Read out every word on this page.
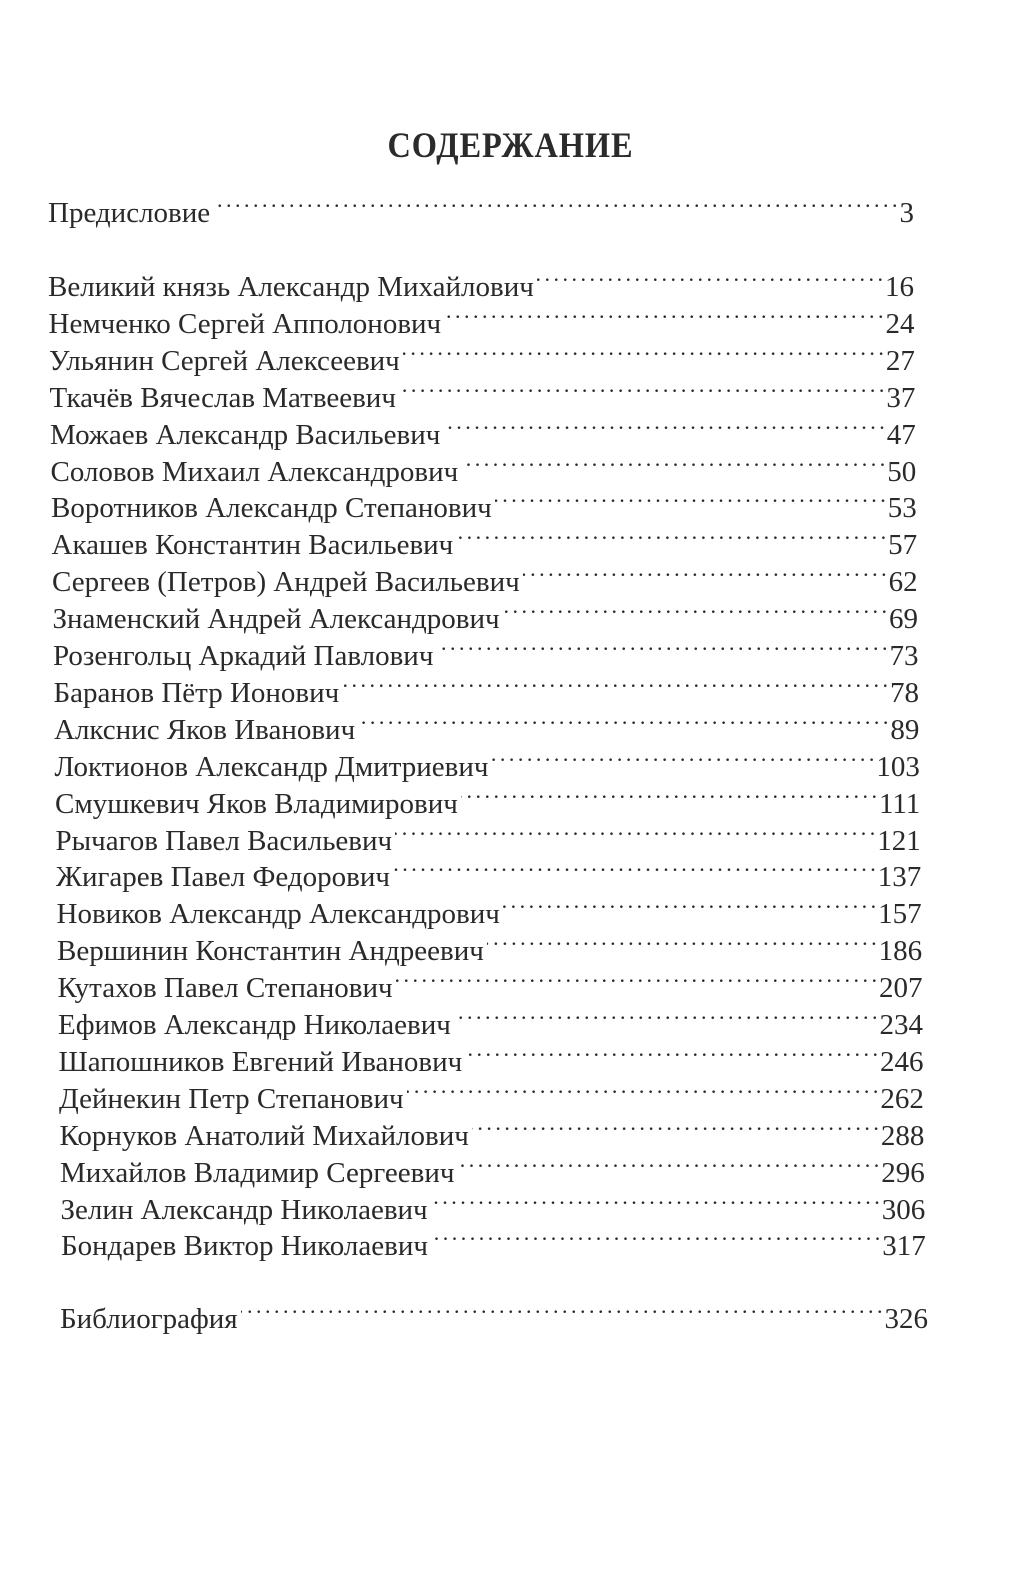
СОДЕРЖАНИЕ
Предисловие . . .	3
Великий князь Александр Михайлович . . .	16
Немченко Сергей Апполонович . . .	24
Ульянин Сергей Алексеевич . . .	27
Ткачёв Вячеслав Матвеевич . . .	37
Можаев Александр Васильевич . . .	47
Соловов Михаил Александрович . . .	50
Воротников Александр Степанович . . .	53
Акашев Константин Васильевич . . .	57
Сергеев (Петров) Андрей Васильевич . . .	62
Знаменский Андрей Александрович . . .	69
Розенгольц Аркадий Павлович . . .	73
Баранов Пётр Ионович . . .	78
Алкснис Яков Иванович . . .	89
Локтионов Александр Дмитриевич . . .	103
Смушкевич Яков Владимирович . . .	111
Рычагов Павел Васильевич . . .	121
Жигарев Павел Федорович . . .	137
Новиков Александр Александрович . . .	157
Вершинин Константин Андреевич . . .	186
Кутахов Павел Степанович . . .	207
Ефимов Александр Николаевич . . .	234
Шапошников Евгений Иванович . . .	246
Дейнекин Петр Степанович . . .	262
Корнуков Анатолий Михайлович . . .	288
Михайлов Владимир Сергеевич . . .	296
Зелин Александр Николаевич . . .	306
Бондарев Виктор Николаевич . . .	317
Библиография . . .	326
